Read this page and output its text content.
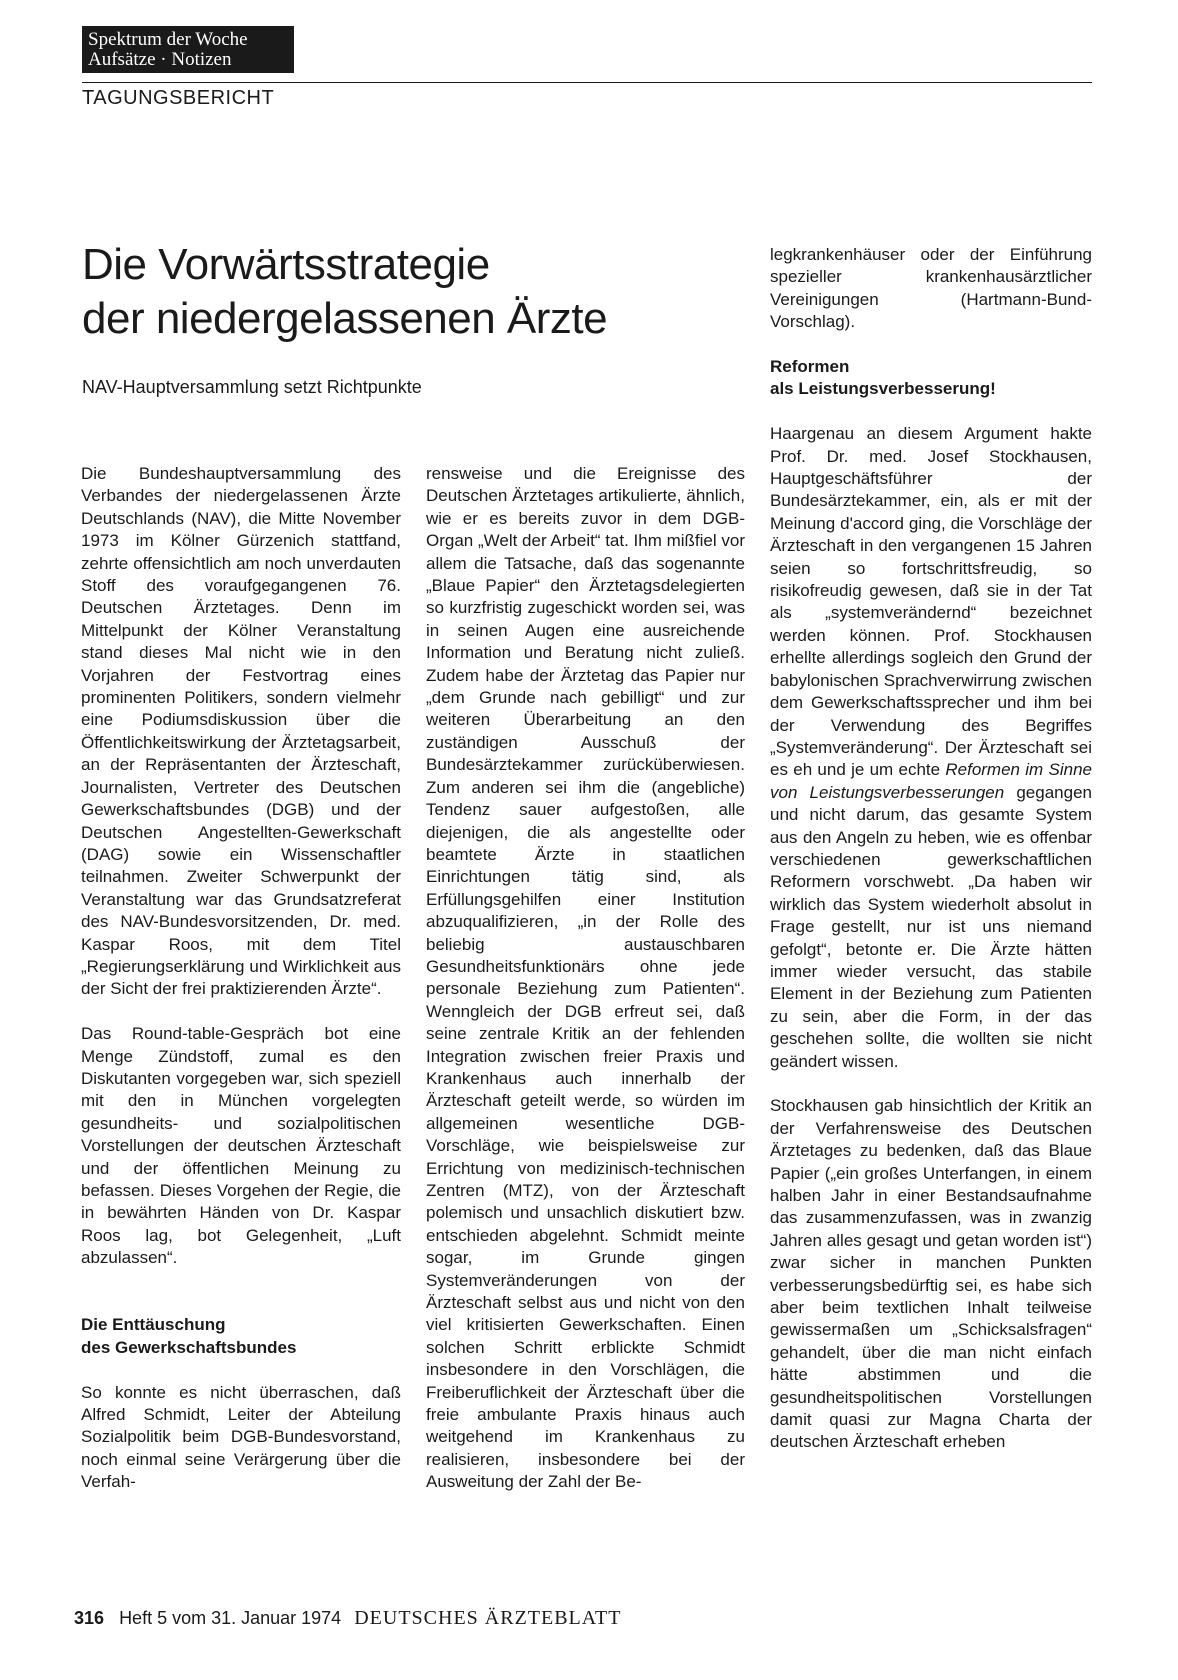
Spektrum der Woche
Aufsätze · Notizen
TAGUNGSBERICHT
Die Vorwärtsstrategie
der niedergelassenen Ärzte
NAV-Hauptversammlung setzt Richtpunkte

Die Bundeshauptversammlung des Verbandes der niedergelassenen Ärzte Deutschlands (NAV), die Mitte November 1973 im Kölner Gürzenich stattfand, zehrte offensichtlich am noch unverdauten Stoff des voraufgegangenen 76. Deutschen Ärztetages. Denn im Mittelpunkt der Kölner Veranstaltung stand dieses Mal nicht wie in den Vorjahren der Festvortrag eines prominenten Politikers, sondern vielmehr eine Podiumsdiskussion über die Öffentlichkeitswirkung der Ärztetagsarbeit, an der Repräsentanten der Ärzteschaft, Journalisten, Vertreter des Deutschen Gewerkschaftsbundes (DGB) und der Deutschen Angestellten-Gewerkschaft (DAG) sowie ein Wissenschaftler teilnahmen. Zweiter Schwerpunkt der Veranstaltung war das Grundsatzreferat des NAV-Bundesvorsitzenden, Dr. med. Kaspar Roos, mit dem Titel „Regierungserklärung und Wirklichkeit aus der Sicht der frei praktizierenden Ärzte“.

Das Round-table-Gespräch bot eine Menge Zündstoff, zumal es den Diskutanten vorgegeben war, sich speziell mit den in München vorgelegten gesundheits- und sozialpolitischen Vorstellungen der deutschen Ärzteschaft und der öffentlichen Meinung zu befassen. Dieses Vorgehen der Regie, die in bewährten Händen von Dr. Kaspar Roos lag, bot Gelegenheit, „Luft abzulassen“.

Die Enttäuschung
des Gewerkschaftsbundes

So konnte es nicht überraschen, daß Alfred Schmidt, Leiter der Abteilung Sozialpolitik beim DGB-Bundesvorstand, noch einmal seine Verärgerung über die Verfah-

rensweise und die Ereignisse des Deutschen Ärztetages artikulierte, ähnlich, wie er es bereits zuvor in dem DGB-Organ „Welt der Arbeit“ tat. Ihm mißfiel vor allem die Tatsache, daß das sogenannte „Blaue Papier“ den Ärztetagsdelegierten so kurzfristig zugeschickt worden sei, was in seinen Augen eine ausreichende Information und Beratung nicht zuließ. Zudem habe der Ärztetag das Papier nur „dem Grunde nach gebilligt“ und zur weiteren Überarbeitung an den zuständigen Ausschuß der Bundesärztekammer zurücküberwiesen. Zum anderen sei ihm die (angebliche) Tendenz sauer aufgestoßen, alle diejenigen, die als angestellte oder beamtete Ärzte in staatlichen Einrichtungen tätig sind, als Erfüllungsgehilfen einer Institution abzuqualifizieren, „in der Rolle des beliebig austauschbaren Gesundheitsfunktionärs ohne jede personale Beziehung zum Patienten“. Wenngleich der DGB erfreut sei, daß seine zentrale Kritik an der fehlenden Integration zwischen freier Praxis und Krankenhaus auch innerhalb der Ärzteschaft geteilt werde, so würden im allgemeinen wesentliche DGB-Vorschläge, wie beispielsweise zur Errichtung von medizinisch-technischen Zentren (MTZ), von der Ärzteschaft polemisch und unsachlich diskutiert bzw. entschieden abgelehnt. Schmidt meinte sogar, im Grunde gingen Systemveränderungen von der Ärzteschaft selbst aus und nicht von den viel kritisierten Gewerkschaften. Einen solchen Schritt erblickte Schmidt insbesondere in den Vorschlägen, die Freiberuflichkeit der Ärzteschaft über die freie ambulante Praxis hinaus auch weitgehend im Krankenhaus zu realisieren, insbesondere bei der Ausweitung der Zahl der Be-

legkrankenhäuser oder der Einführung spezieller krankenhausärztlicher Vereinigungen (Hartmann-Bund-Vorschlag).

Reformen
als Leistungsverbesserung!

Haargenau an diesem Argument hakte Prof. Dr. med. Josef Stockhausen, Hauptgeschäftsführer der Bundesärztekammer, ein, als er mit der Meinung d'accord ging, die Vorschläge der Ärzteschaft in den vergangenen 15 Jahren seien so fortschrittsfreudig, so risikofreudig gewesen, daß sie in der Tat als „systemverändernd“ bezeichnet werden können. Prof. Stockhausen erhellte allerdings sogleich den Grund der babylonischen Sprachverwirrung zwischen dem Gewerkschaftssprecher und ihm bei der Verwendung des Begriffes „Systemveränderung“. Der Ärzteschaft sei es eh und je um echte Reformen im Sinne von Leistungsverbesserungen gegangen und nicht darum, das gesamte System aus den Angeln zu heben, wie es offenbar verschiedenen gewerkschaftlichen Reformern vorschwebt. „Da haben wir wirklich das System wiederholt absolut in Frage gestellt, nur ist uns niemand gefolgt“, betonte er. Die Ärzte hätten immer wieder versucht, das stabile Element in der Beziehung zum Patienten zu sein, aber die Form, in der das geschehen sollte, die wollten sie nicht geändert wissen.

Stockhausen gab hinsichtlich der Kritik an der Verfahrensweise des Deutschen Ärztetages zu bedenken, daß das Blaue Papier („ein großes Unterfangen, in einem halben Jahr in einer Bestandsaufnahme das zusammenzufassen, was in zwanzig Jahren alles gesagt und getan worden ist“) zwar sicher in manchen Punkten verbesserungsbedürftig sei, es habe sich aber beim textlichen Inhalt teilweise gewissermaßen um „Schicksalsfragen“ gehandelt, über die man nicht einfach hätte abstimmen und die gesundheitspolitischen Vorstellungen damit quasi zur Magna Charta der deutschen Ärzteschaft erheben

316 Heft 5 vom 31. Januar 1974 DEUTSCHES ÄRZTEBLATT
